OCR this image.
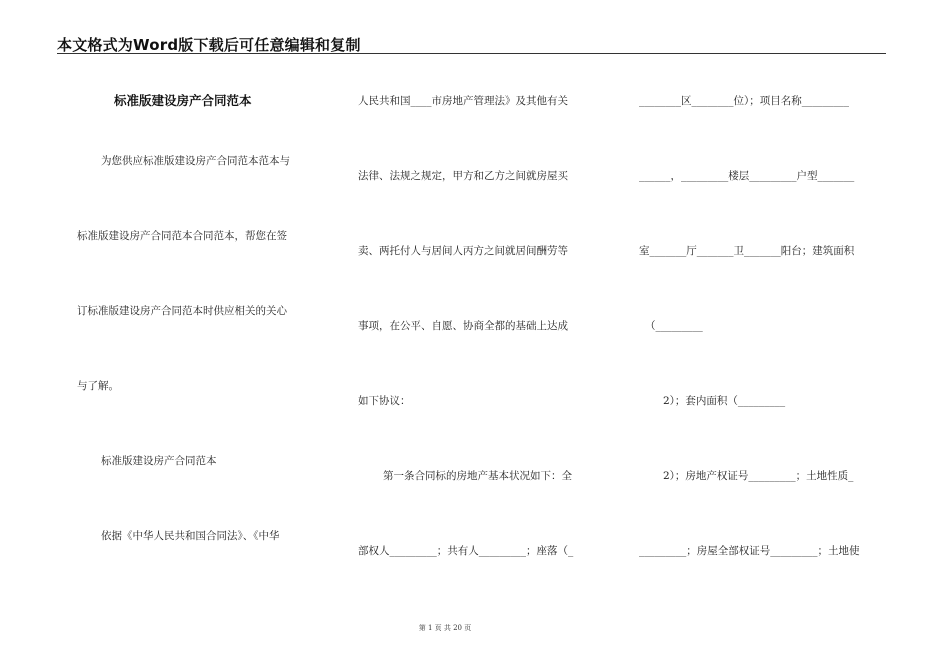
本文格式为Word版下载后可任意编辑和复制
标准版建设房产合同范本
为您供应标准版建设房产合同范本范本与
标准版建设房产合同范本合同范本，帮您在签
订标准版建设房产合同范本时供应相关的关心
与了解。
标准版建设房产合同范本
依据《中华人民共和国合同法》、《中华
人民共和国____市房地产管理法》及其他有关
法律、法规之规定，甲方和乙方之间就房屋买
卖、两托付人与居间人丙方之间就居间酬劳等
事项，在公平、自愿、协商全都的基础上达成
如下协议：
第一条合同标的房地产基本状况如下：全
部权人_________；共有人_________；座落（_
________区________位）；项目名称_________
______，_________楼层_________户型_______
室_______厅_______卫_______阳台；建筑面积
（_________
2）；套内面积（_________
2）；房地产权证号_________；土地性质_
_________；房屋全部权证号_________；土地使
第 1 页 共 20 页
